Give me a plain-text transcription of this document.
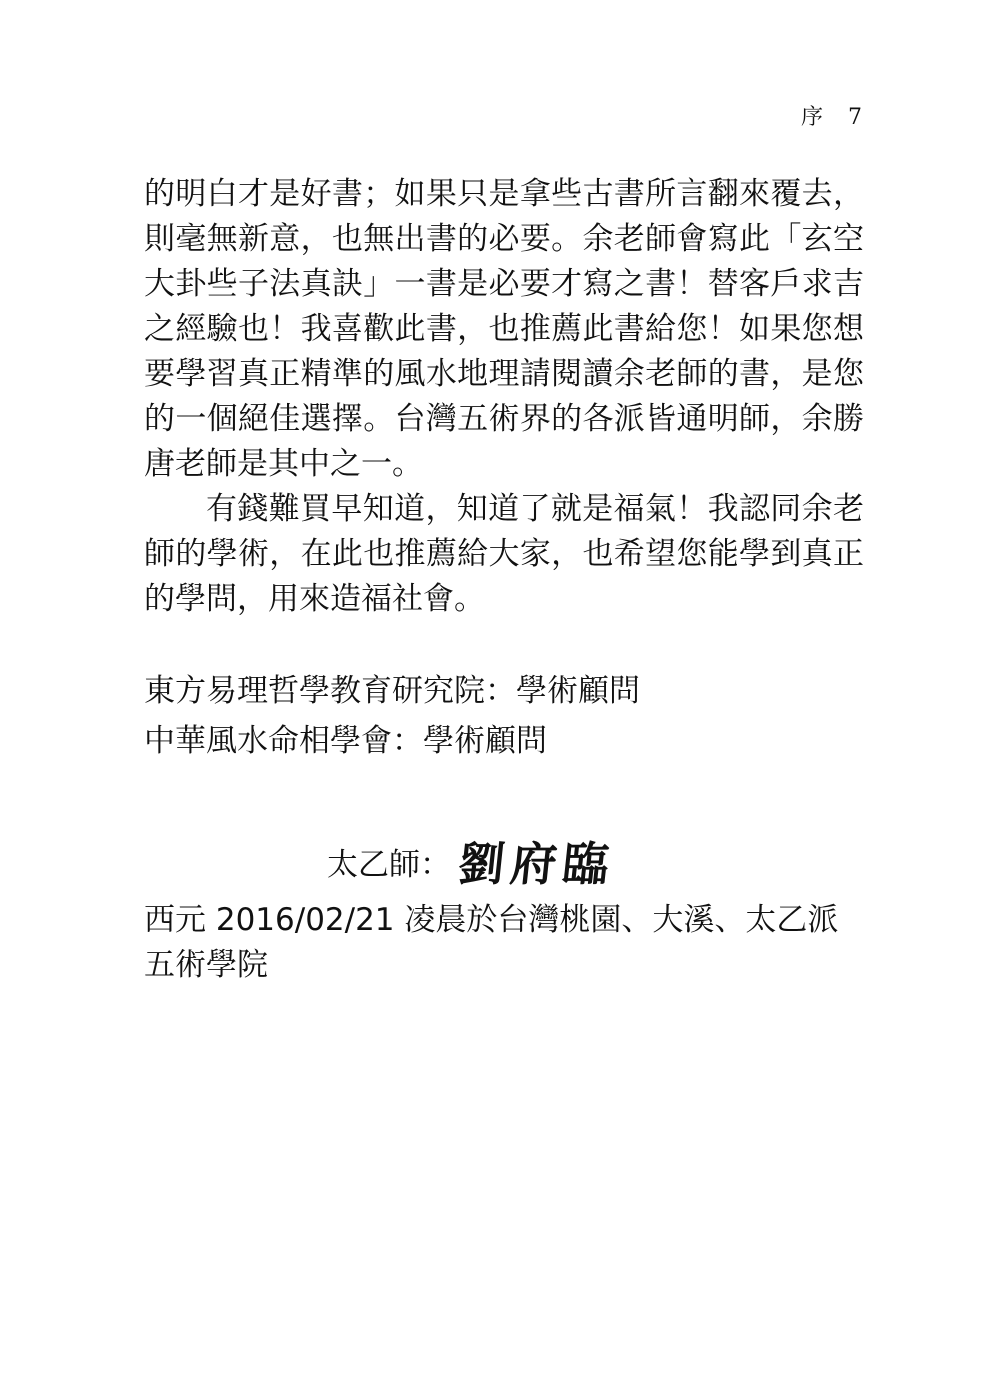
序 7

的明白才是好書；如果只是拿些古書所言翻來覆去，則毫無新意，也無出書的必要。余老師會寫此「玄空大卦些子法真訣」一書是必要才寫之書！替客戶求吉之經驗也！我喜歡此書，也推薦此書給您！如果您想要學習真正精準的風水地理請閱讀余老師的書，是您的一個絕佳選擇。台灣五術界的各派皆通明師，余勝唐老師是其中之一。

有錢難買早知道，知道了就是福氣！我認同余老師的學術，在此也推薦給大家，也希望您能學到真正的學問，用來造福社會。

東方易理哲學教育研究院：學術顧問
中華風水命相學會：學術顧問
太乙師： 劉府臨
西元 2016/02/21 凌晨於台灣桃園、大溪、太乙派五術學院
